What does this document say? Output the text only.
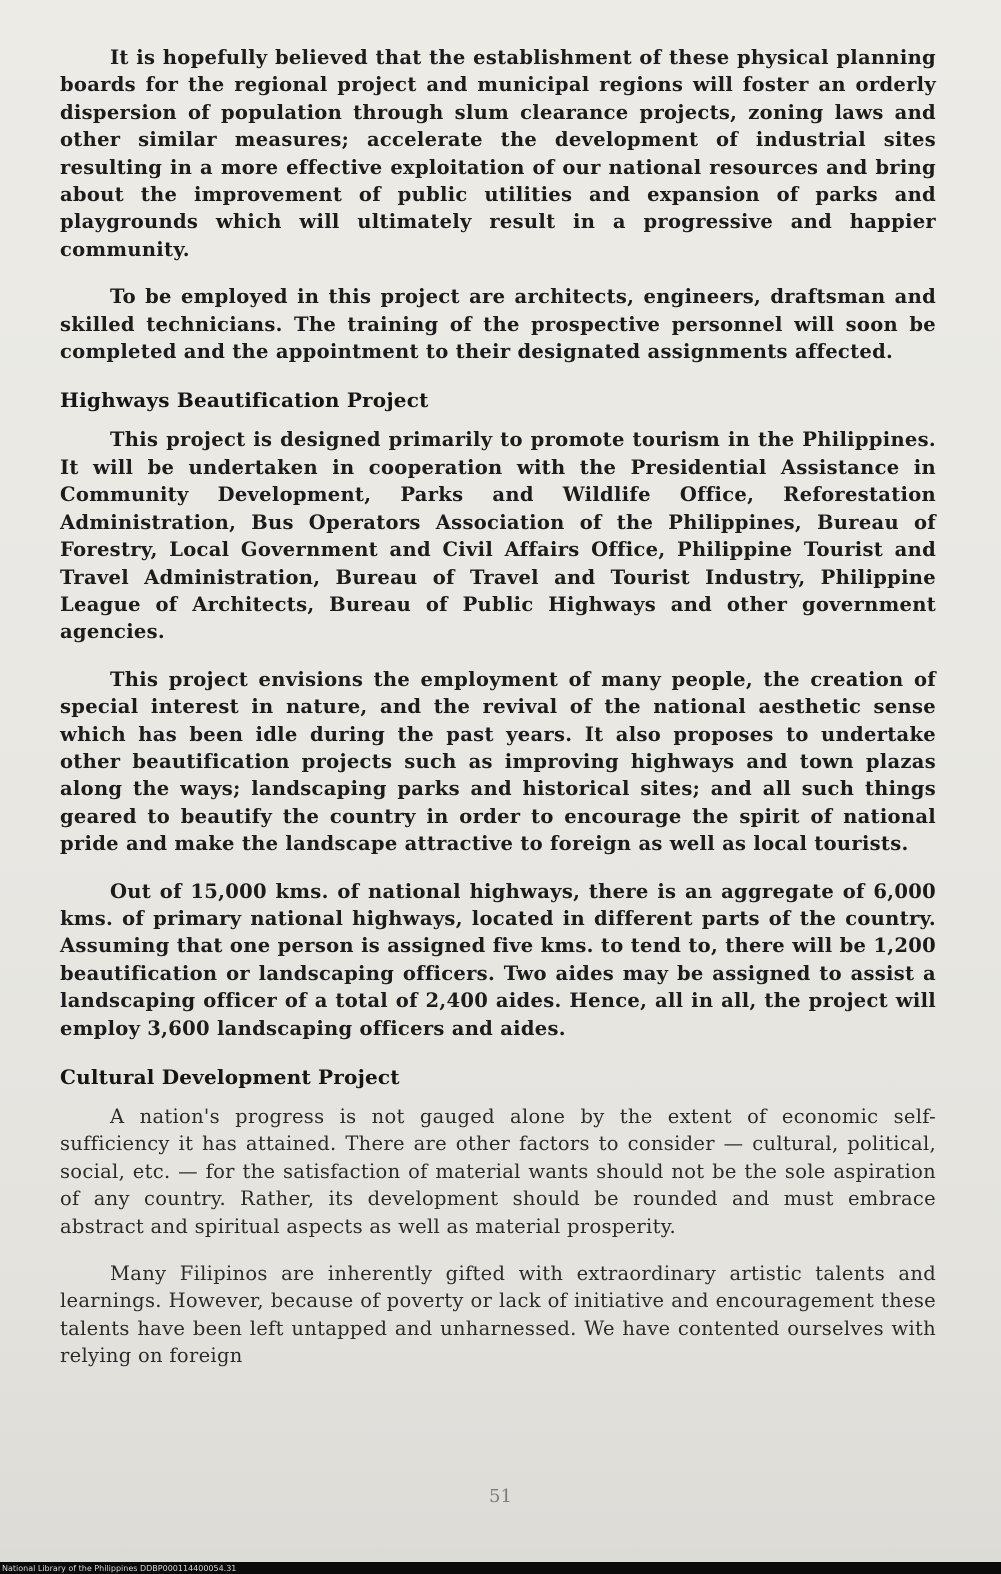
It is hopefully believed that the establishment of these physical planning boards for the regional project and municipal regions will foster an orderly dispersion of population through slum clearance projects, zoning laws and other similar measures; accelerate the development of industrial sites resulting in a more effective exploitation of our national resources and bring about the improvement of public utilities and expansion of parks and playgrounds which will ultimately result in a progressive and happier community.

To be employed in this project are architects, engineers, draftsman and skilled technicians. The training of the prospective personnel will soon be completed and the appointment to their designated assignments affected.

Highways Beautification Project

This project is designed primarily to promote tourism in the Philippines. It will be undertaken in cooperation with the Presidential Assistance in Community Development, Parks and Wildlife Office, Reforestation Administration, Bus Operators Association of the Philippines, Bureau of Forestry, Local Government and Civil Affairs Office, Philippine Tourist and Travel Administration, Bureau of Travel and Tourist Industry, Philippine League of Architects, Bureau of Public Highways and other government agencies.

This project envisions the employment of many people, the creation of special interest in nature, and the revival of the national aesthetic sense which has been idle during the past years. It also proposes to undertake other beautification projects such as improving highways and town plazas along the ways; landscaping parks and historical sites; and all such things geared to beautify the country in order to encourage the spirit of national pride and make the landscape attractive to foreign as well as local tourists.

Out of 15,000 kms. of national highways, there is an aggregate of 6,000 kms. of primary national highways, located in different parts of the country. Assuming that one person is assigned five kms. to tend to, there will be 1,200 beautification or landscaping officers. Two aides may be assigned to assist a landscaping officer of a total of 2,400 aides. Hence, all in all, the project will employ 3,600 landscaping officers and aides.

Cultural Development Project

A nation's progress is not gauged alone by the extent of economic self-sufficiency it has attained. There are other factors to consider — cultural, political, social, etc. — for the satisfaction of material wants should not be the sole aspiration of any country. Rather, its development should be rounded and must embrace abstract and spiritual aspects as well as material prosperity.

Many Filipinos are inherently gifted with extraordinary artistic talents and learnings. However, because of poverty or lack of initiative and encouragement these talents have been left untapped and unharnessed. We have contented ourselves with relying on foreign

51
National Library of the Philippines DDBP000114400054.31
